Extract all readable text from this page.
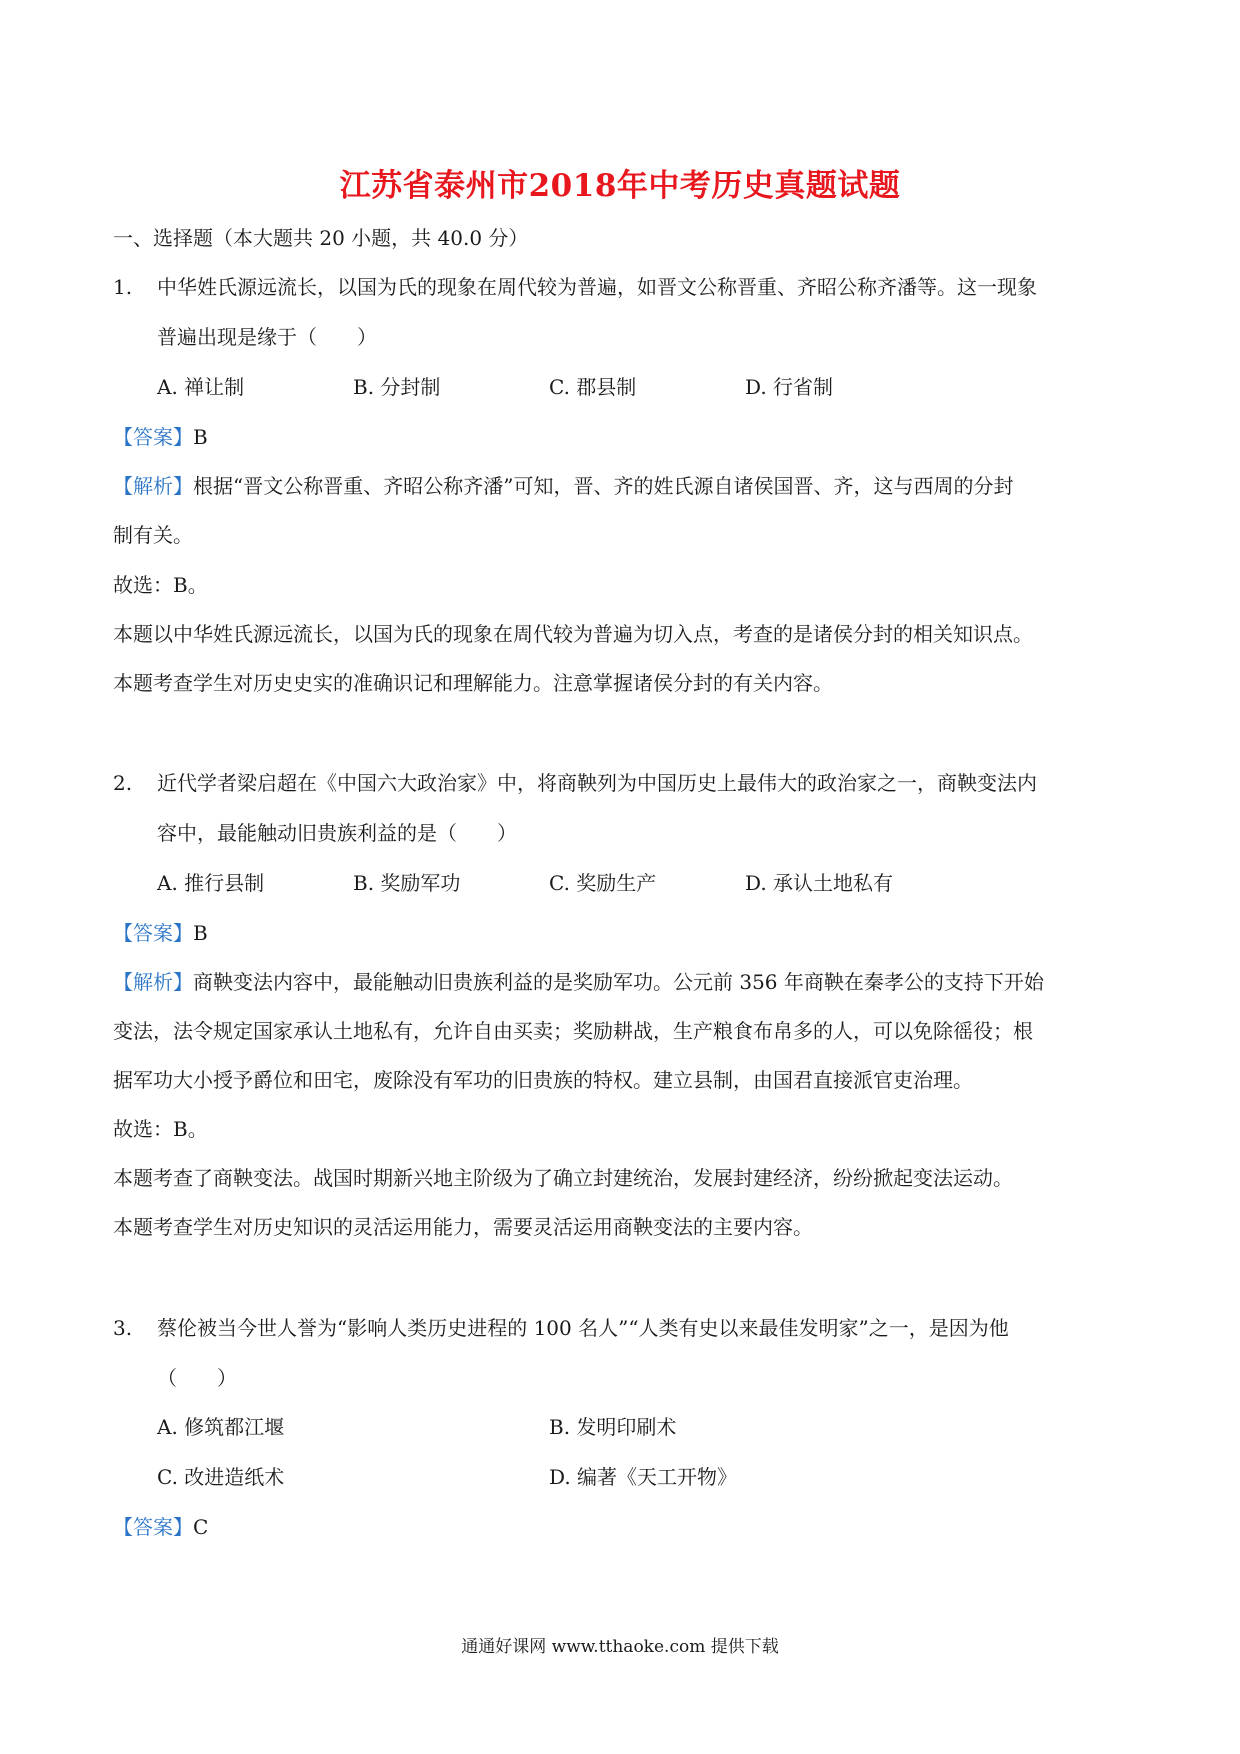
江苏省泰州市2018年中考历史真题试题
一、选择题（本大题共 20 小题，共 40.0 分）
1. 中华姓氏源远流长，以国为氏的现象在周代较为普遍，如晋文公称晋重、齐昭公称齐潘等。这一现象
普遍出现是缘于（　　）
A. 禅让制	B. 分封制	C. 郡县制	D. 行省制
【答案】B
【解析】根据“晋文公称晋重、齐昭公称齐潘”可知，晋、齐的姓氏源自诸侯国晋、齐，这与西周的分封
制有关。
故选：B。
本题以中华姓氏源远流长，以国为氏的现象在周代较为普遍为切入点，考查的是诸侯分封的相关知识点。
本题考查学生对历史史实的准确识记和理解能力。注意掌握诸侯分封的有关内容。
2. 近代学者梁启超在《中国六大政治家》中，将商鞅列为中国历史上最伟大的政治家之一，商鞅变法内
容中，最能触动旧贵族利益的是（　　）
A. 推行县制	B. 奖励军功	C. 奖励生产	D. 承认土地私有
【答案】B
【解析】商鞅变法内容中，最能触动旧贵族利益的是奖励军功。公元前 356 年商鞅在秦孝公的支持下开始
变法，法令规定国家承认土地私有，允许自由买卖；奖励耕战，生产粮食布帛多的人，可以免除徭役；根
据军功大小授予爵位和田宅，废除没有军功的旧贵族的特权。建立县制，由国君直接派官吏治理。
故选：B。
本题考查了商鞅变法。战国时期新兴地主阶级为了确立封建统治，发展封建经济，纷纷掀起变法运动。
本题考查学生对历史知识的灵活运用能力，需要灵活运用商鞅变法的主要内容。
3. 蔡伦被当今世人誉为“影响人类历史进程的 100 名人”“人类有史以来最佳发明家”之一，是因为他
（　　）
A. 修筑都江堰	B. 发明印刷术
C. 改进造纸术	D. 编著《天工开物》
【答案】C
通通好课网 www.tthaoke.com 提供下载
